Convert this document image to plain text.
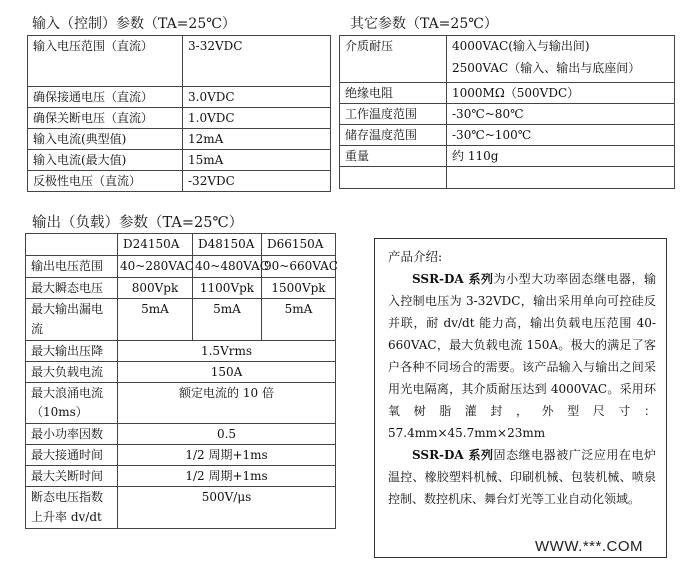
输入（控制）参数（TA=25℃）
输入电压范围（直流）	3-32VDC
确保接通电压（直流）	3.0VDC
确保关断电压（直流）	1.0VDC
输入电流(典型值)	12mA
输入电流(最大值)	15mA
反极性电压（直流）	-32VDC
其它参数（TA=25℃）
介质耐压	4000VAC(输入与输出间)
2500VAC（输入、输出与底座间）

绝缘电阻	1000MΩ（500VDC）
工作温度范围	-30℃~80℃
储存温度范围	-30℃~100℃
重量	约 110g

输出（负载）参数（TA=25℃）
	D24150A	D48150A	D66150A
输出电压范围	40~280VAC	40~480VAC	90~660VAC
最大瞬态电压	800Vpk	1100Vpk	1500Vpk
最大输出漏电流	5mA	5mA	5mA
最大输出压降	1.5Vrms		
最大负载电流	150A		
最大浪涌电流（10ms）	额定电流的 10 倍		
最小功率因数	0.5		
最大接通时间	1/2 周期+1ms		
最大关断时间	1/2 周期+1ms		
断态电压指数上升率 dv/dt	500V/μs		
产品介绍:

SSR-DA 系列为小型大功率固态继电器，输入控制电压为 3-32VDC，输出采用单向可控硅反并联，耐 dv/dt 能力高，输出负载电压范围 40-660VAC，最大负载电流 150A。极大的满足了客户各种不同场合的需要。该产品输入与输出之间采用光电隔离，其介质耐压达到 4000VAC。采用环氧树脂灌封，外型尺寸：57.4mm×45.7mm×23mm

SSR-DA 系列固态继电器被广泛应用在电炉温控、橡胶塑料机械、印刷机械、包装机械、喷泉控制、数控机床、舞台灯光等工业自动化领域。

WWW.***.COM
